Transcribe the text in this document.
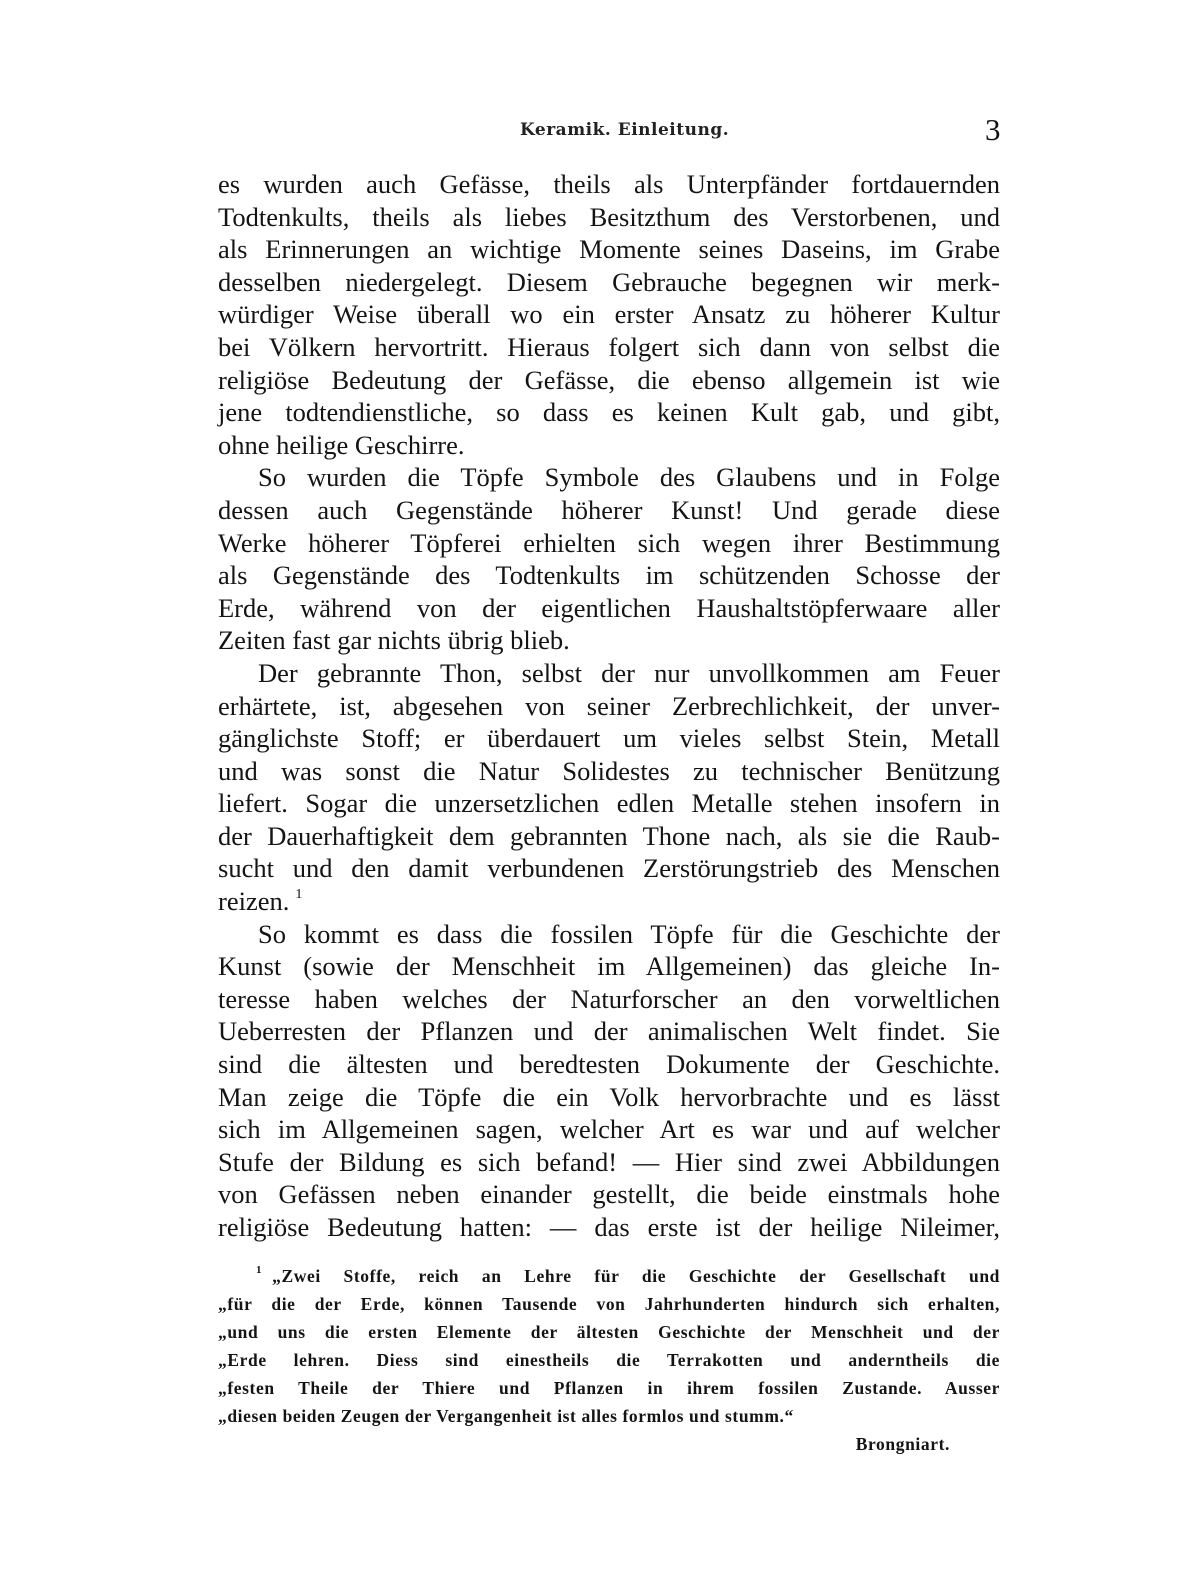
Keramik. Einleitung.	3
es wurden auch Gefässe, theils als Unterpfänder fortdauernden
Todtenkults, theils als liebes Besitzthum des Verstorbenen, und
als Erinnerungen an wichtige Momente seines Daseins, im Grabe
desselben niedergelegt. Diesem Gebrauche begegnen wir merk-
würdiger Weise überall wo ein erster Ansatz zu höherer Kultur
bei Völkern hervortritt. Hieraus folgert sich dann von selbst die
religiöse Bedeutung der Gefässe, die ebenso allgemein ist wie
jene todtendienstliche, so dass es keinen Kult gab, und gibt,
ohne heilige Geschirre.
So wurden die Töpfe Symbole des Glaubens und in Folge
dessen auch Gegenstände höherer Kunst! Und gerade diese
Werke höherer Töpferei erhielten sich wegen ihrer Bestimmung
als Gegenstände des Todtenkults im schützenden Schosse der
Erde, während von der eigentlichen Haushaltstöpferwaare aller
Zeiten fast gar nichts übrig blieb.
Der gebrannte Thon, selbst der nur unvollkommen am Feuer
erhärtete, ist, abgesehen von seiner Zerbrechlichkeit, der unver-
gänglichste Stoff; er überdauert um vieles selbst Stein, Metall
und was sonst die Natur Solidestes zu technischer Benützung
liefert. Sogar die unzersetzlichen edlen Metalle stehen insofern in
der Dauerhaftigkeit dem gebrannten Thone nach, als sie die Raub-
sucht und den damit verbundenen Zerstörungstrieb des Menschen
reizen. $^1$
So kommt es dass die fossilen Töpfe für die Geschichte der
Kunst (sowie der Menschheit im Allgemeinen) das gleiche In-
teresse haben welches der Naturforscher an den vorweltlichen
Ueberresten der Pflanzen und der animalischen Welt findet. Sie
sind die ältesten und beredtesten Dokumente der Geschichte.
Man zeige die Töpfe die ein Volk hervorbrachte und es lässt
sich im Allgemeinen sagen, welcher Art es war und auf welcher
Stufe der Bildung es sich befand! — Hier sind zwei Abbildungen
von Gefässen neben einander gestellt, die beide einstmals hohe
religiöse Bedeutung hatten: — das erste ist der heilige Nileimer,
$^1$ „Zwei Stoffe, reich an Lehre für die Geschichte der Gesellschaft und
„für die der Erde, können Tausende von Jahrhunderten hindurch sich erhalten,
„und uns die ersten Elemente der ältesten Geschichte der Menschheit und der
„Erde lehren. Diess sind einestheils die Terrakotten und anderntheils die
„festen Theile der Thiere und Pflanzen in ihrem fossilen Zustande. Ausser
„diesen beiden Zeugen der Vergangenheit ist alles formlos und stumm.“
Brongniart.
